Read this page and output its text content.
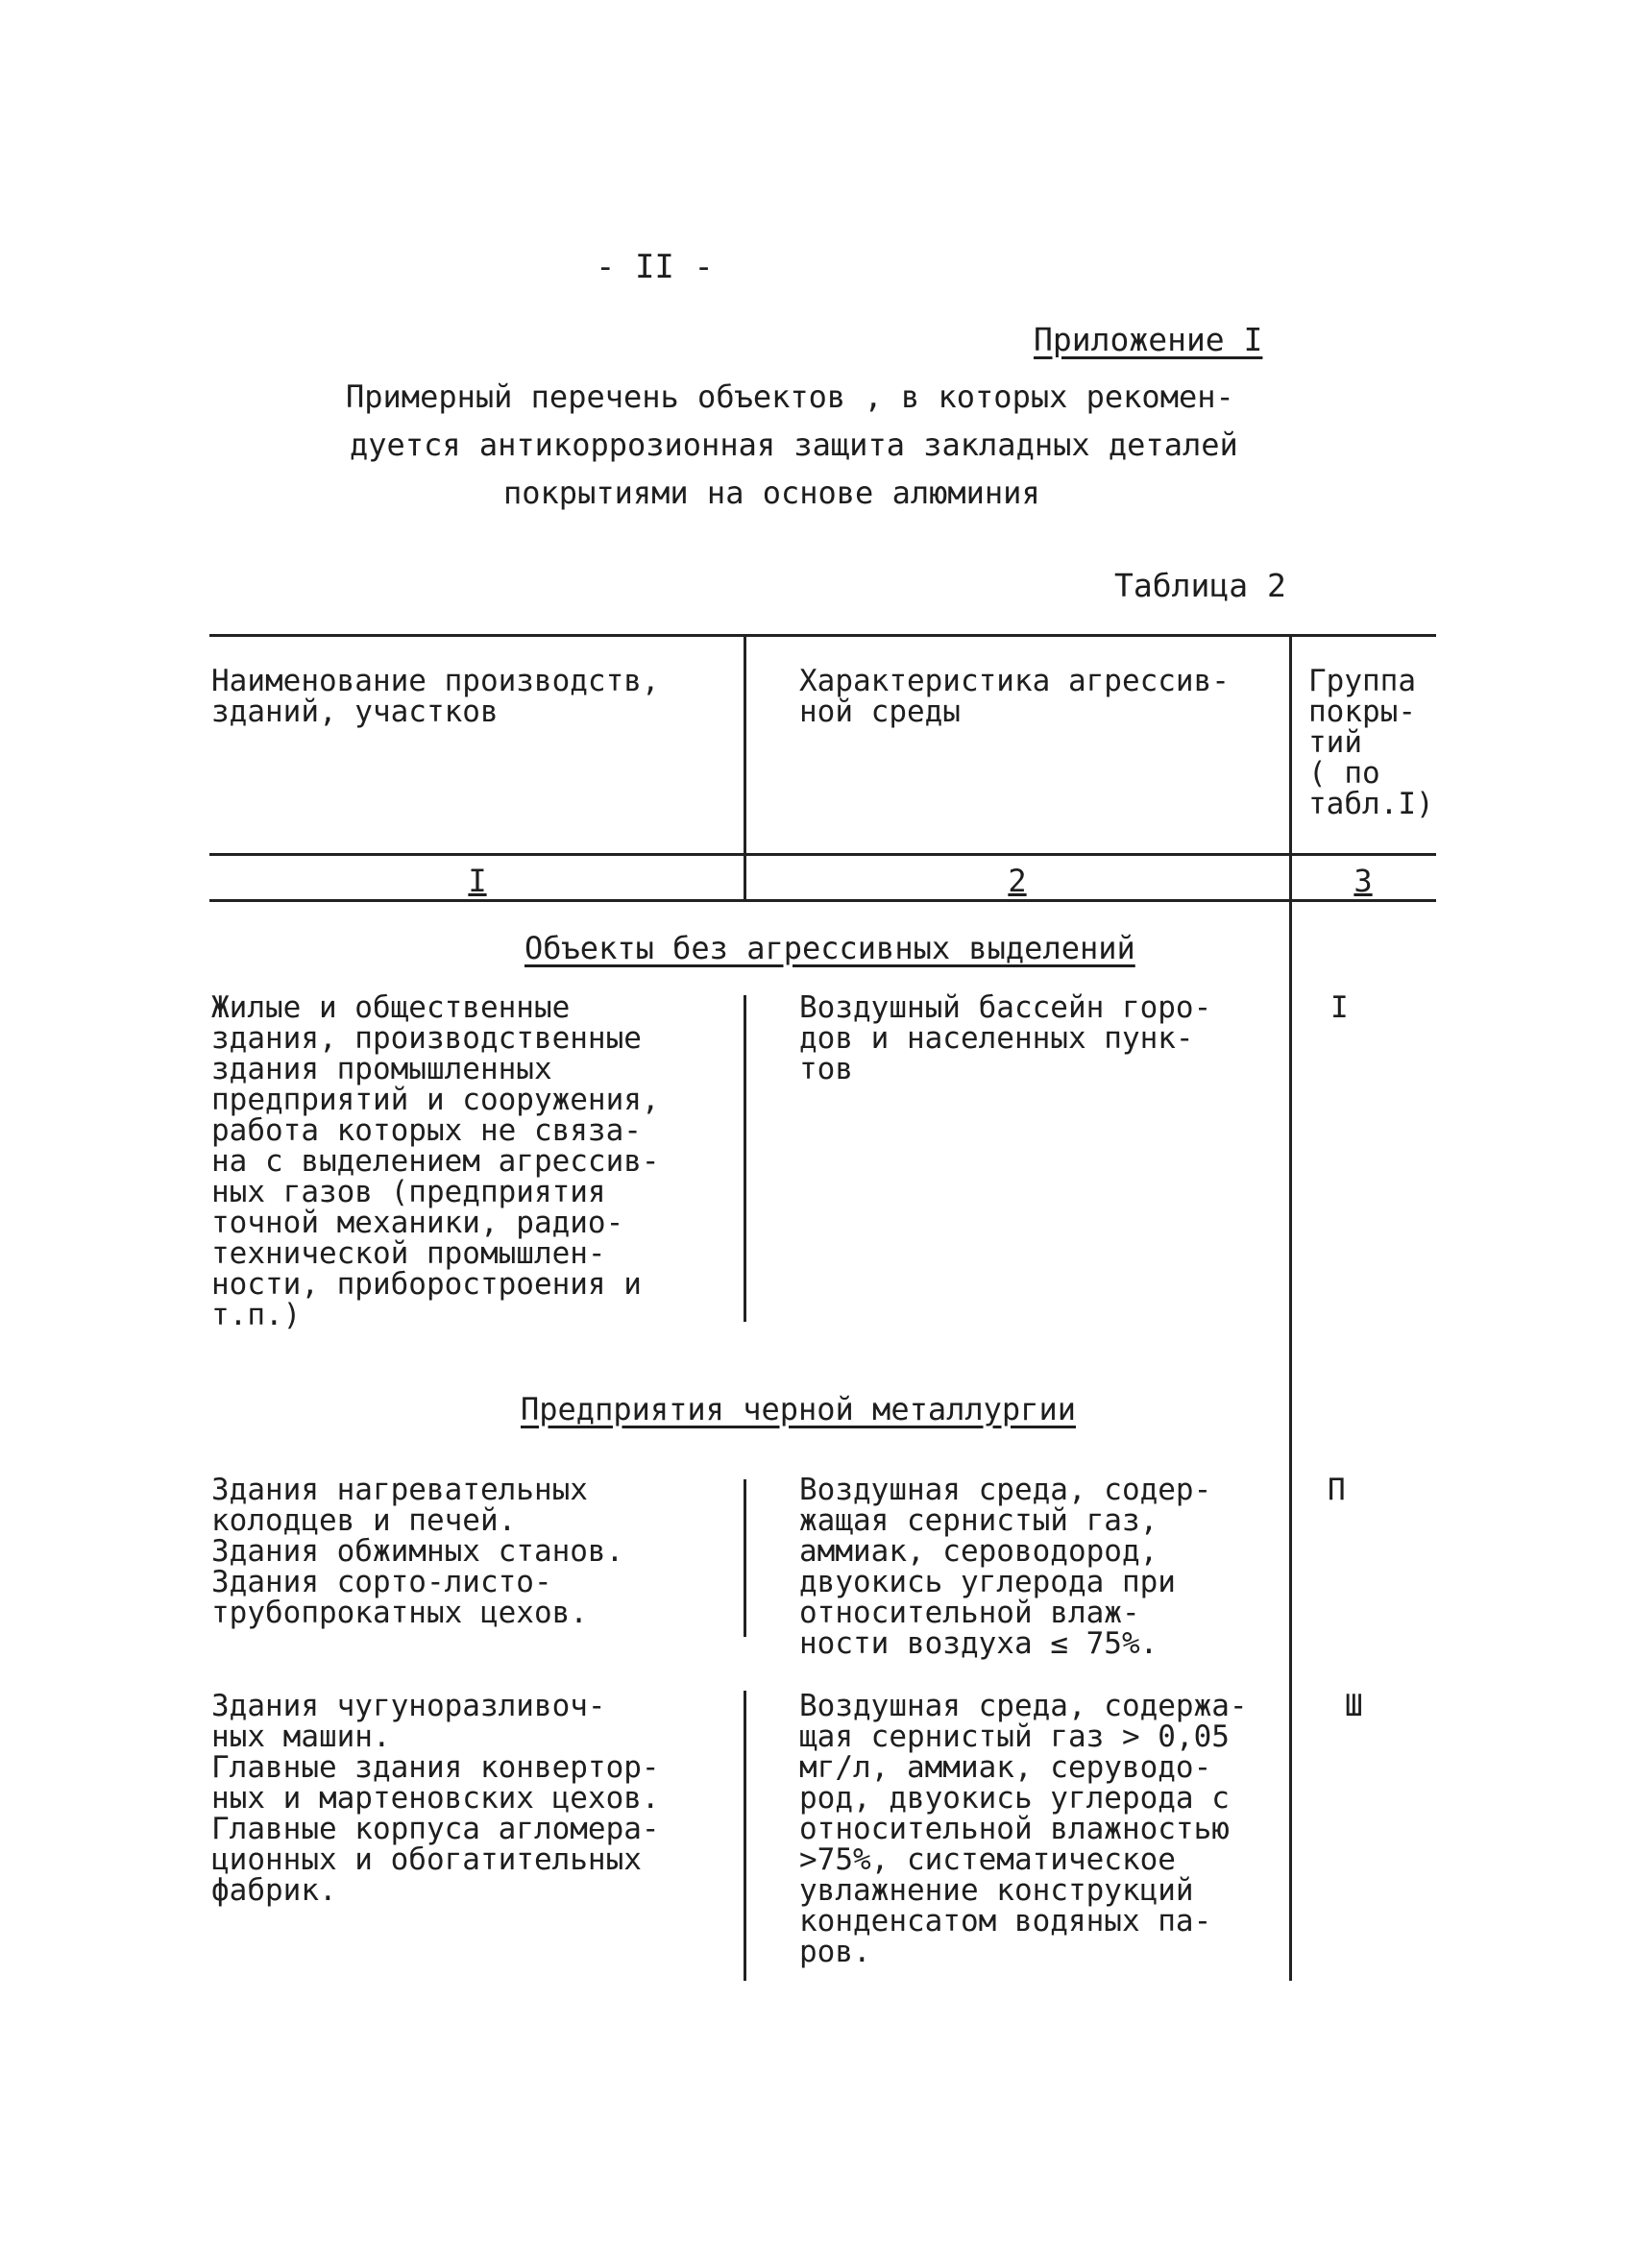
- II -
Приложение I
Примерный перечень объектов , в которых рекомен-
дуется антикоррозионная защита закладных деталей
покрытиями на основе алюминия
Таблица 2
Наименование производств,
зданий, участков
Характеристика агрессив-
ной среды
Группа
покры-
тий
( по
табл.I)
I	2	3
Объекты без агрессивных выделений
Жилые и общественные
здания, производственные
здания промышленных
предприятий и сооружения,
работа которых не связа-
на с выделением агрессив-
ных газов (предприятия
точной механики, радио-
технической промышлен-
ности, приборостроения и
т.п.)
Воздушный бассейн горо-
дов и населенных пунк-
тов
I
Предприятия черной металлургии
Здания нагревательных
колодцев и печей.
Здания обжимных станов.
Здания сорто-листо-
трубопрокатных цехов.
Воздушная среда, содер-
жащая сернистый газ,
аммиак, сероводород,
двуокись углерода при
относительной влаж-
ности воздуха ≤ 75%.
П
Здания чугуноразливоч-
ных машин.
Главные здания конвертор-
ных и мартеновских цехов.
Главные корпуса агломера-
ционных и обогатительных
фабрик.
Воздушная среда, содержа-
щая сернистый газ > 0,05
мг/л, аммиак, серуводо-
род, двуокись углерода с
относительной влажностью
>75%, систематическое
увлажнение конструкций
конденсатом водяных па-
ров.
Ш
